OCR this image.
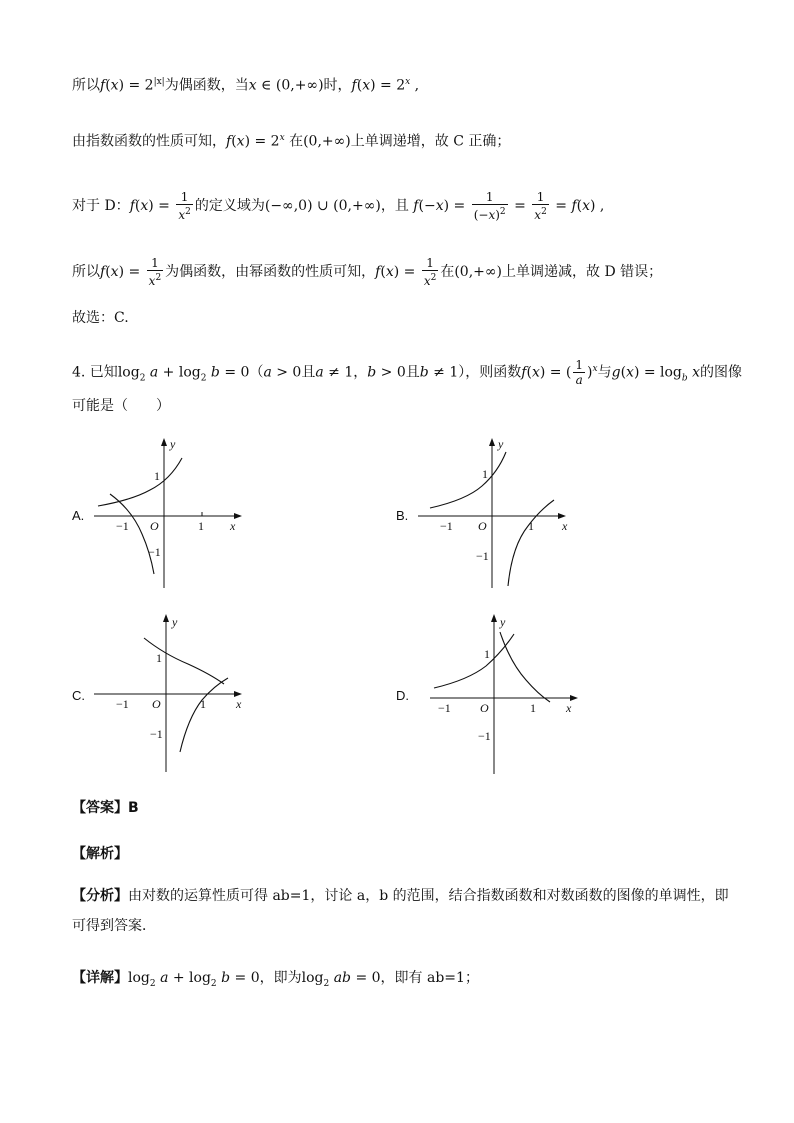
所以$f(x) = 2^{|x|}$为偶函数，当x ∈ (0,+∞)时，$f(x) = 2^x$ ,
由指数函数的性质可知，$f(x) = 2^x$ 在(0,+∞)上单调递增，故 C 正确；
对于 D：$f(x) = \frac{1}{x^2}$ 的定义域为(−∞,0) ∪ (0,+∞)，且 $f(-x) = \frac{1}{(-x)^2} = \frac{1}{x^2} = f(x)$ ,
所以$f(x) = \frac{1}{x^2}$ 为偶函数，由幂函数的性质可知，$f(x) = \frac{1}{x^2}$ 在(0,+∞)上单调递减，故 D 错误；
故选：C.
4. 已知$\log_2 a + \log_2 b = 0(a > 0$且a ≠ 1，b > 0且b ≠ 1），则函数f(x) = ( $\frac{1}{a} )^x$与$g(x) = \log_b x$的图像
可能是（　　）
A.	B.
C.	D.
y
x
O
−1	1
1
−1
y
x
O
−1	1
1
−1
y
x
O
−1	1
1
−1
y
x
O
−1	1
1
−1
【答案】B
【解析】
【分析】由对数的运算性质可得 ab=1，讨论 a，b 的范围，结合指数函数和对数函数的图像的单调性，即
可得到答案．
【详解】$\log_2 a + \log_2 b = 0$，即为$\log_2$ ab = 0，即有 ab=1；
